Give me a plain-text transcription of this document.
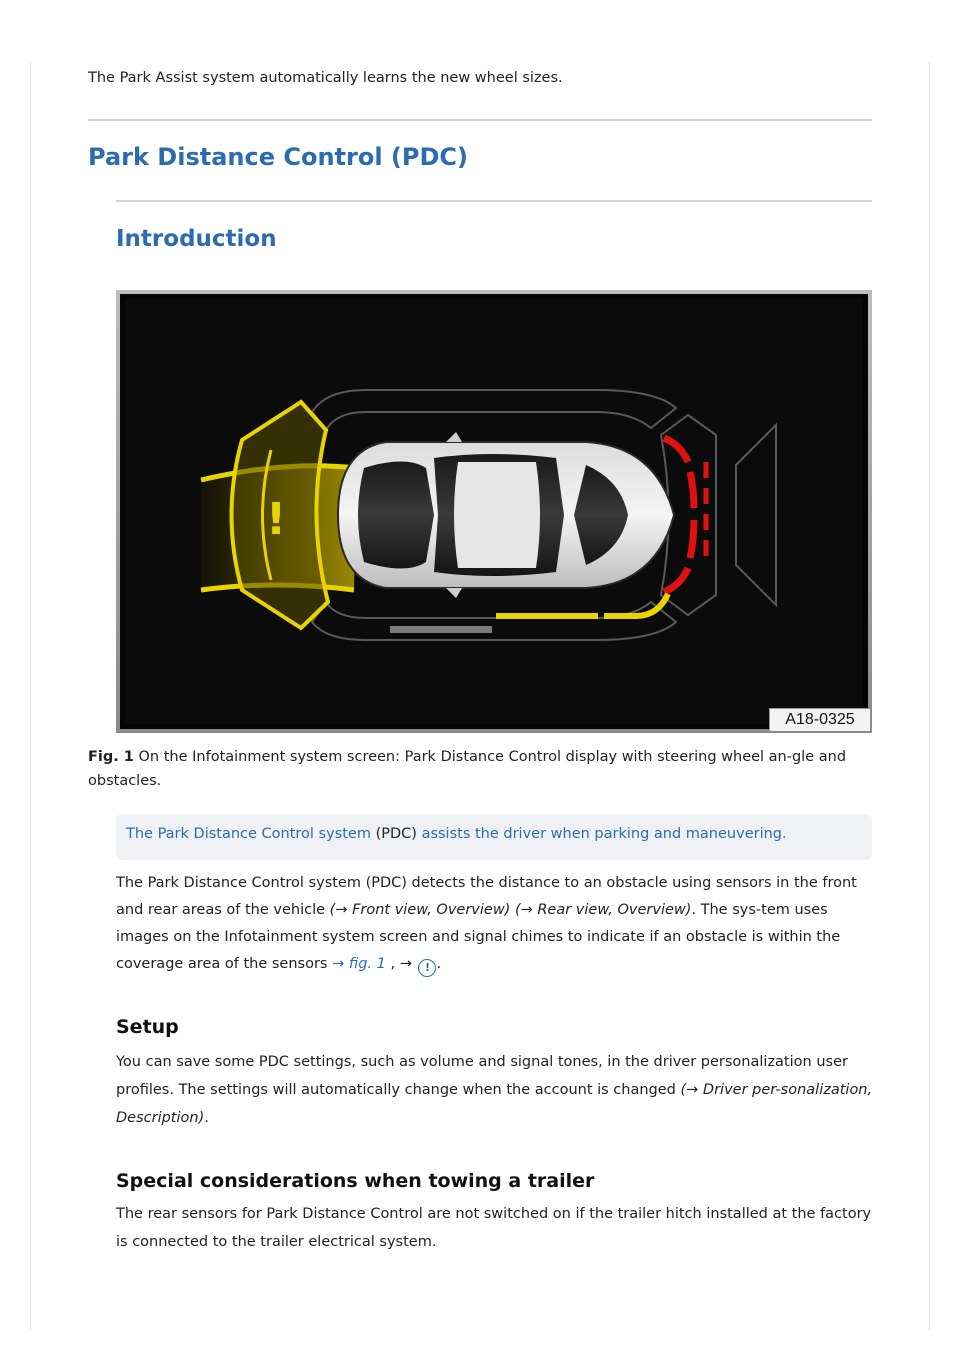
The Park Assist system automatically learns the new wheel sizes.
Park Distance Control (PDC)
Introduction
!
A18-0325

Fig. 1 On the Infotainment system screen: Park Distance Control display with steering wheel an-gle and obstacles.

The Park Distance Control system (PDC) assists the driver when parking and maneuvering.

The Park Distance Control system (PDC) detects the distance to an obstacle using sensors in the front and rear areas of the vehicle (→ Front view, Overview) (→ Rear view, Overview). The sys-tem uses images on the Infotainment system screen and signal chimes to indicate if an obstacle is within the coverage area of the sensors → fig. 1 , → ! .

Setup

You can save some PDC settings, such as volume and signal tones, in the driver personalization user profiles. The settings will automatically change when the account is changed (→ Driver per-sonalization, Description).

Special considerations when towing a trailer

The rear sensors for Park Distance Control are not switched on if the trailer hitch installed at the factory is connected to the trailer electrical system.
